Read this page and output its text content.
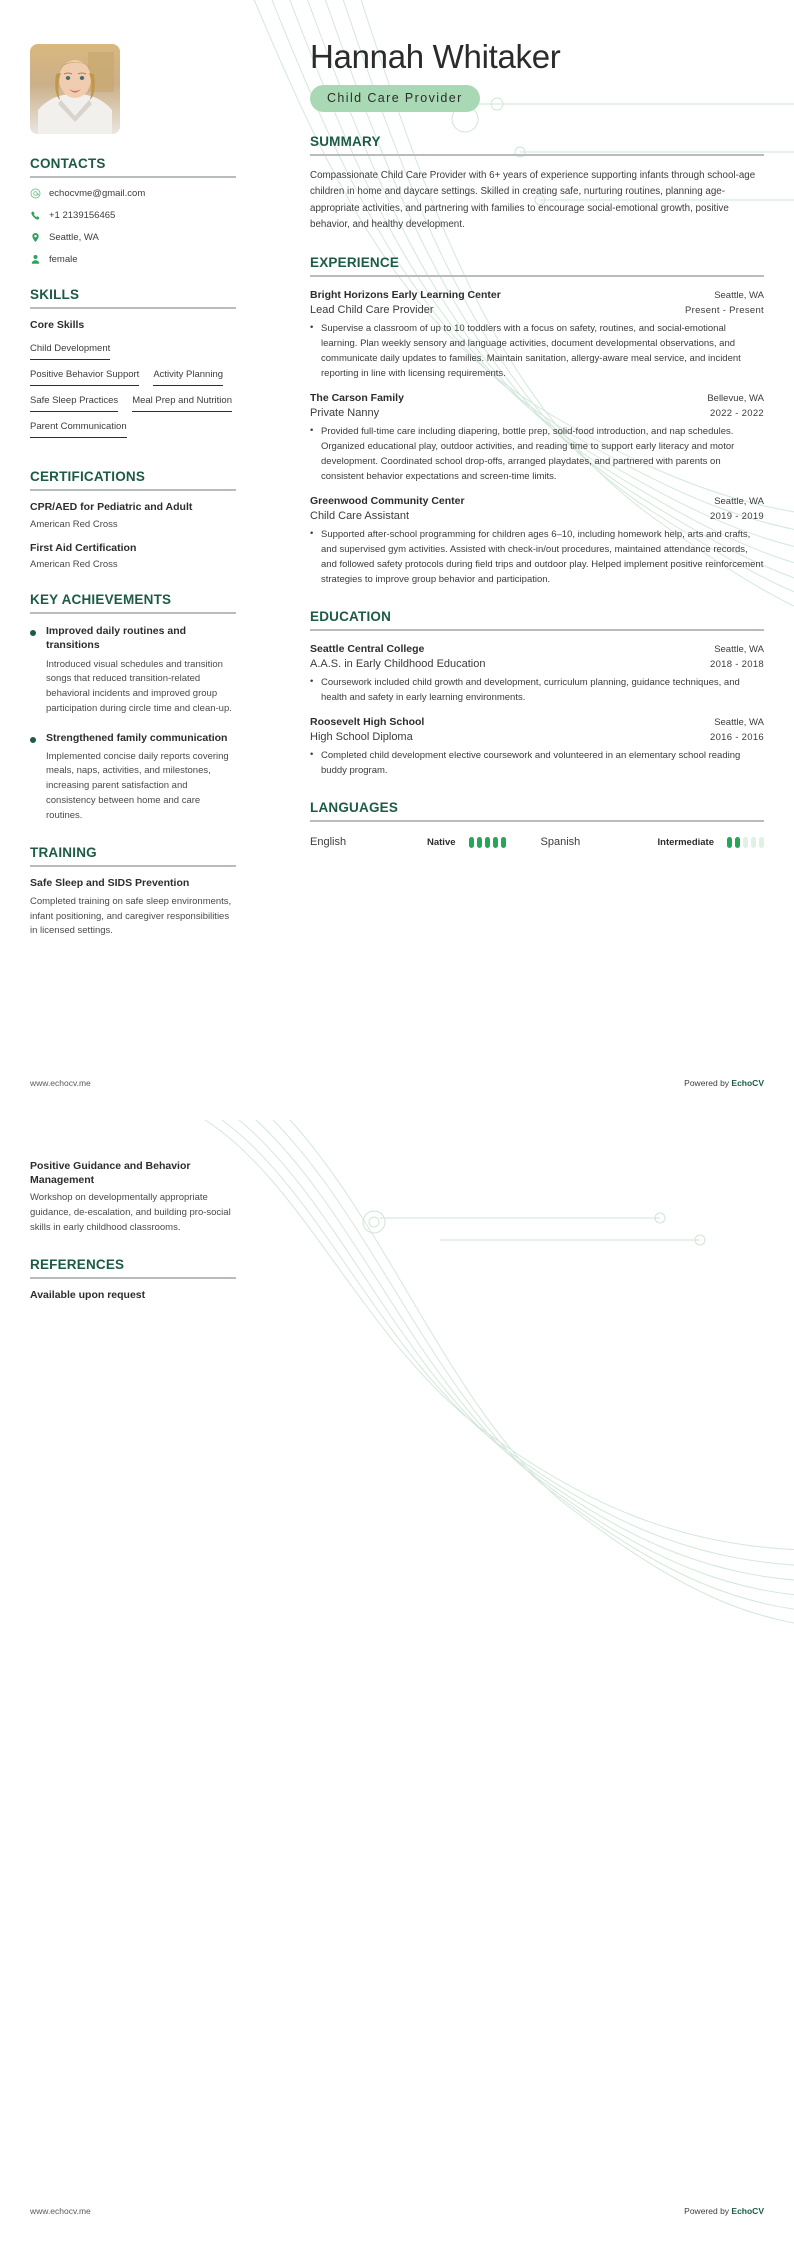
CONTACTS
echocvme@gmail.com
+1 2139156465
Seattle, WA
female
SKILLS
Core Skills
Child Development
Positive Behavior Support Activity Planning
Safe Sleep Practices Meal Prep and Nutrition
Parent Communication
CERTIFICATIONS
CPR/AED for Pediatric and Adult
American Red Cross
First Aid Certification
American Red Cross
KEY ACHIEVEMENTS
Improved daily routines and transitions
Introduced visual schedules and transition songs that reduced transition-related behavioral incidents and improved group participation during circle time and clean-up.
Strengthened family communication
Implemented concise daily reports covering meals, naps, activities, and milestones, increasing parent satisfaction and consistency between home and care routines.
TRAINING
Safe Sleep and SIDS Prevention
Completed training on safe sleep environments, infant positioning, and caregiver responsibilities in licensed settings.
Positive Guidance and Behavior Management
Workshop on developmentally appropriate guidance, de-escalation, and building pro-social skills in early childhood classrooms.
REFERENCES
Available upon request
Hannah Whitaker
Child Care Provider
SUMMARY
Compassionate Child Care Provider with 6+ years of experience supporting infants through school-age children in home and daycare settings. Skilled in creating safe, nurturing routines, planning age-appropriate activities, and partnering with families to encourage social-emotional growth, positive behavior, and healthy development.
EXPERIENCE
Bright Horizons Early Learning Center	Seattle, WA
Lead Child Care Provider	Present - Present
• Supervise a classroom of up to 10 toddlers with a focus on safety, routines, and social-emotional learning. Plan weekly sensory and language activities, document developmental observations, and communicate daily updates to families. Maintain sanitation, allergy-aware meal service, and incident reporting in line with licensing requirements.
The Carson Family	Bellevue, WA
Private Nanny	2022 - 2022
• Provided full-time care including diapering, bottle prep, solid-food introduction, and nap schedules. Organized educational play, outdoor activities, and reading time to support early literacy and motor development. Coordinated school drop-offs, arranged playdates, and partnered with parents on consistent behavior expectations and screen-time limits.
Greenwood Community Center	Seattle, WA
Child Care Assistant	2019 - 2019
• Supported after-school programming for children ages 6–10, including homework help, arts and crafts, and supervised gym activities. Assisted with check-in/out procedures, maintained attendance records, and followed safety protocols during field trips and outdoor play. Helped implement positive reinforcement strategies to improve group behavior and participation.
EDUCATION
Seattle Central College	Seattle, WA
A.A.S. in Early Childhood Education	2018 - 2018
• Coursework included child growth and development, curriculum planning, guidance techniques, and health and safety in early learning environments.
Roosevelt High School	Seattle, WA
High School Diploma	2016 - 2016
• Completed child development elective coursework and volunteered in an elementary school reading buddy program.
LANGUAGES
English	Native	Spanish	Intermediate
www.echocv.me	Powered by EchoCV
www.echocv.me	Powered by EchoCV
